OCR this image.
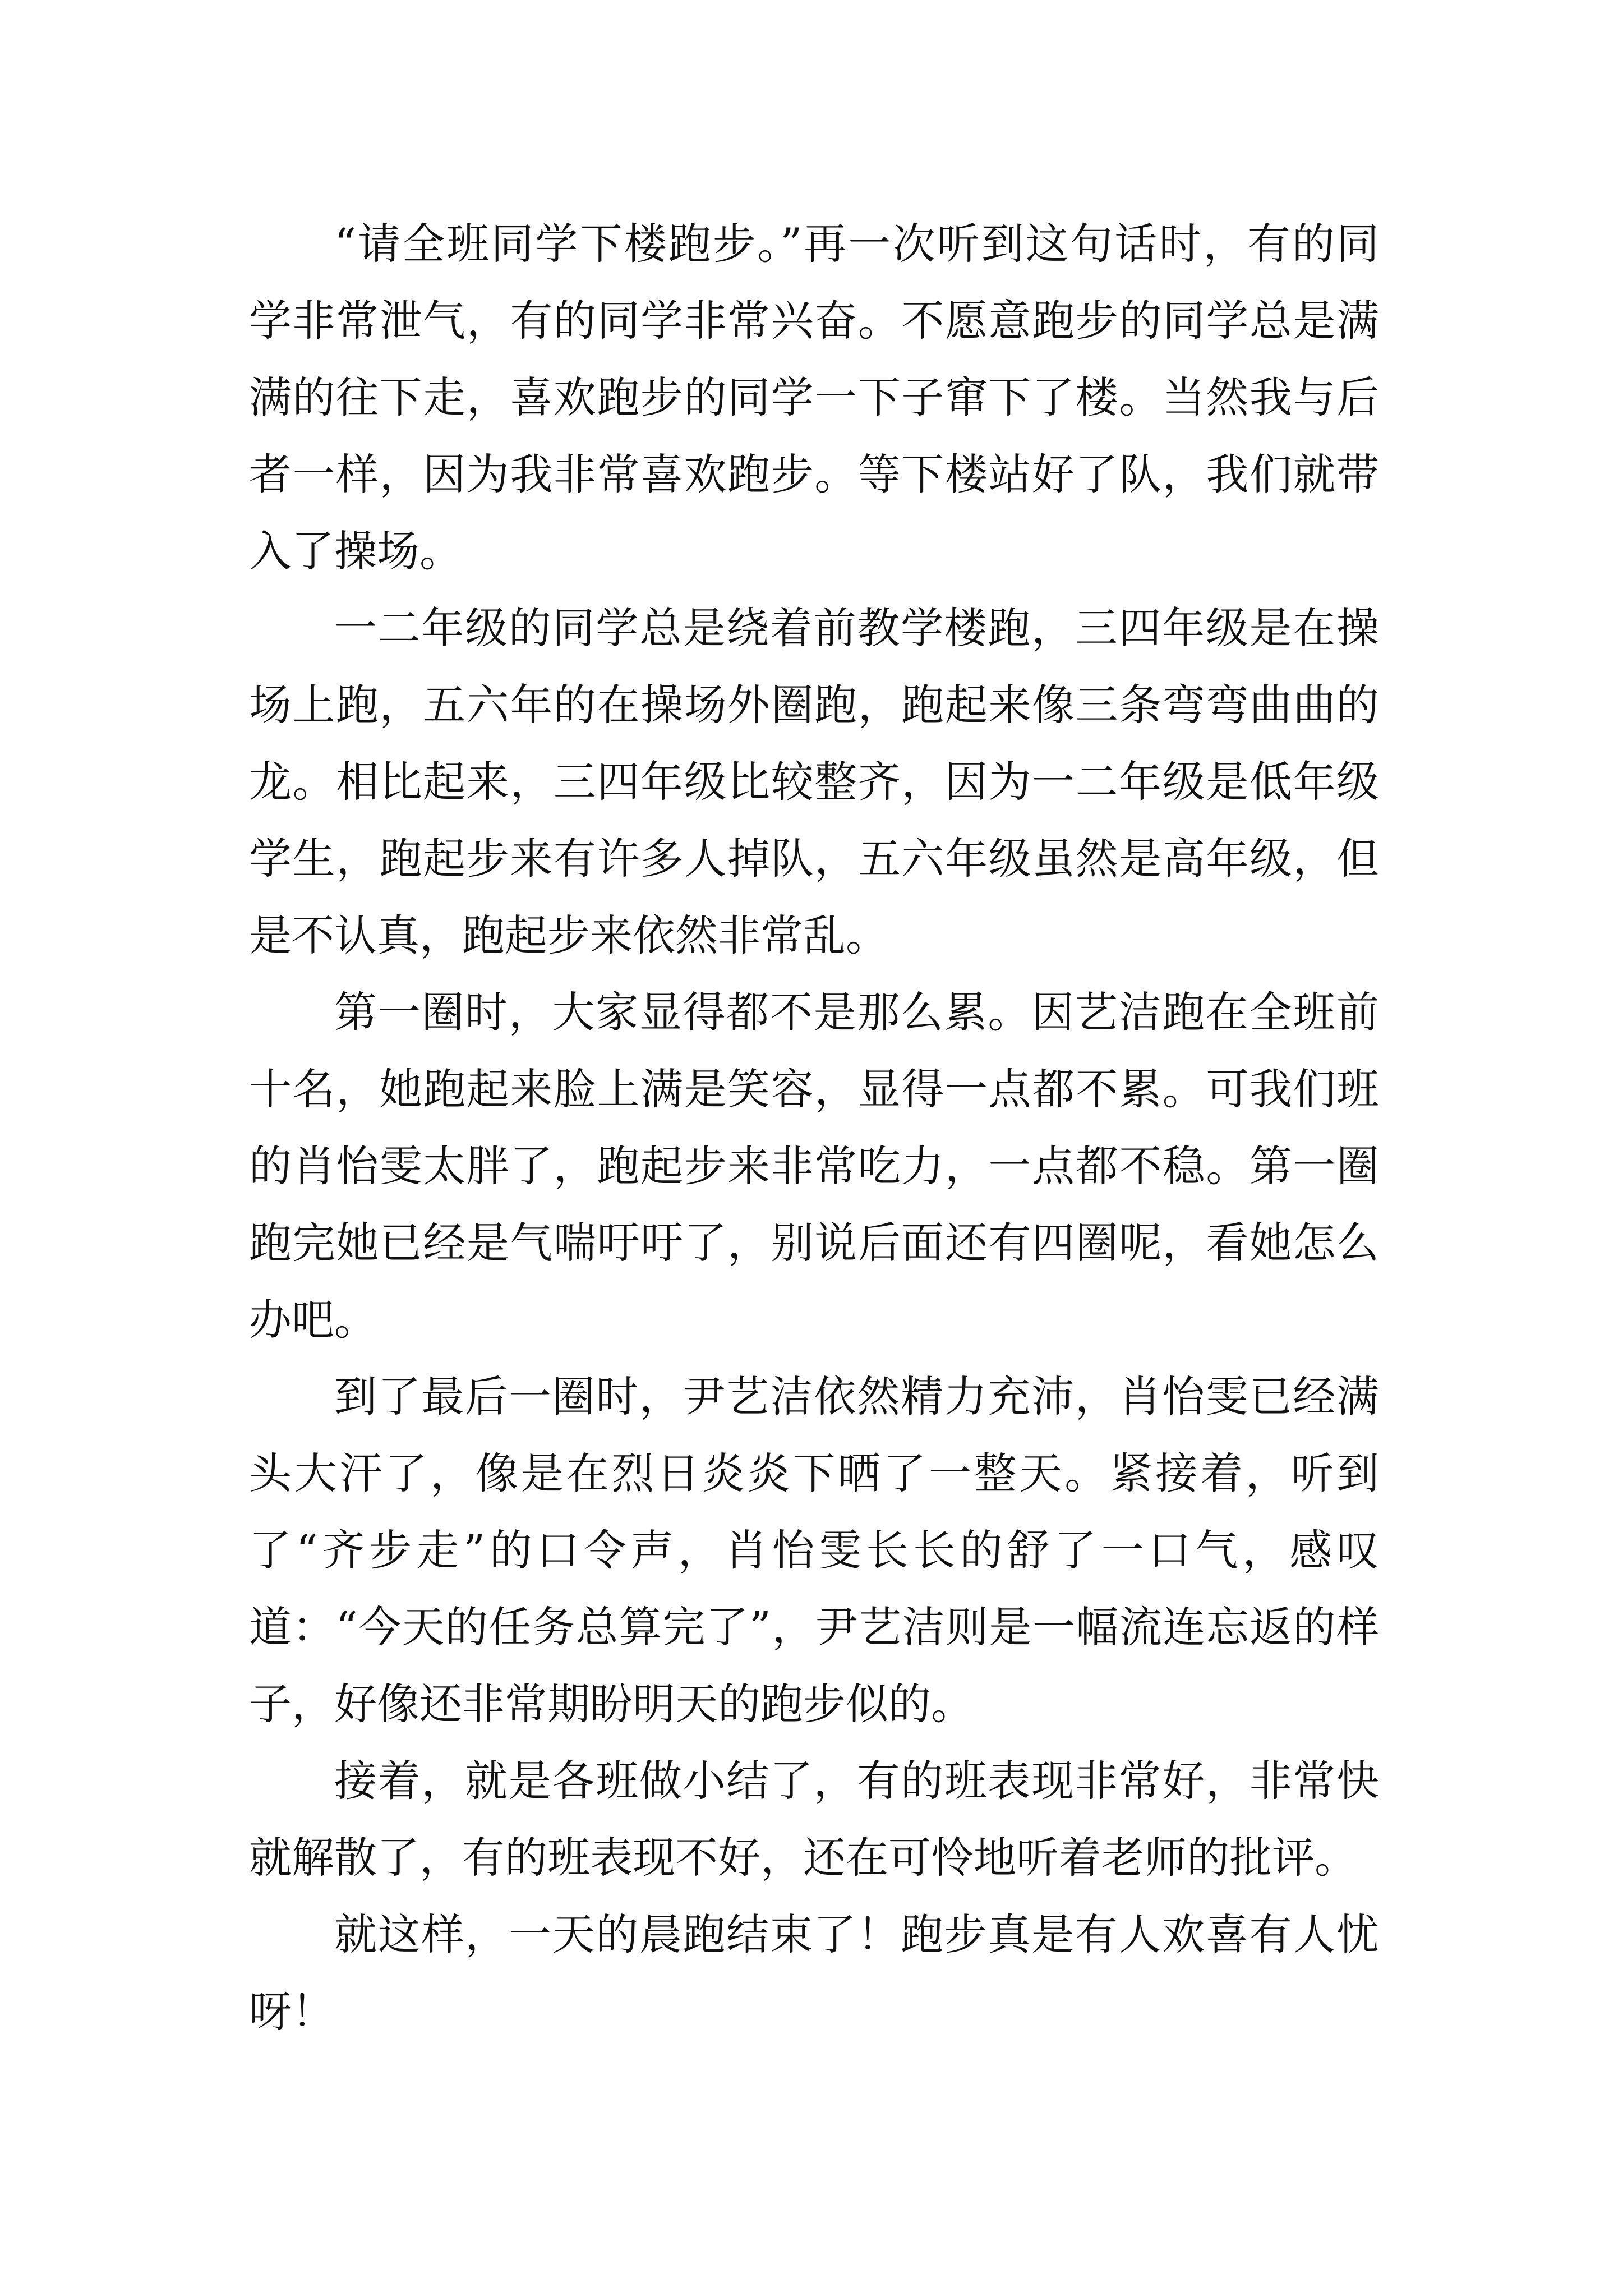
“请全班同学下楼跑步。”再一次听到这句话时，有的同学非常泄气，有的同学非常兴奋。不愿意跑步的同学总是满满的往下走，喜欢跑步的同学一下子窜下了楼。当然我与后者一样，因为我非常喜欢跑步。等下楼站好了队，我们就带入了操场。

一二年级的同学总是绕着前教学楼跑，三四年级是在操场上跑，五六年的在操场外圈跑，跑起来像三条弯弯曲曲的龙。相比起来，三四年级比较整齐，因为一二年级是低年级学生，跑起步来有许多人掉队，五六年级虽然是高年级，但是不认真，跑起步来依然非常乱。

第一圈时，大家显得都不是那么累。因艺洁跑在全班前十名，她跑起来脸上满是笑容，显得一点都不累。可我们班的肖怡雯太胖了，跑起步来非常吃力，一点都不稳。第一圈跑完她已经是气喘吁吁了，别说后面还有四圈呢，看她怎么办吧。

到了最后一圈时，尹艺洁依然精力充沛，肖怡雯已经满头大汗了，像是在烈日炎炎下晒了一整天。紧接着，听到了“齐步走”的口令声，肖怡雯长长的舒了一口气，感叹道：“今天的任务总算完了”，尹艺洁则是一幅流连忘返的样子，好像还非常期盼明天的跑步似的。

接着，就是各班做小结了，有的班表现非常好，非常快就解散了，有的班表现不好，还在可怜地听着老师的批评。

就这样，一天的晨跑结束了！跑步真是有人欢喜有人忧呀！
